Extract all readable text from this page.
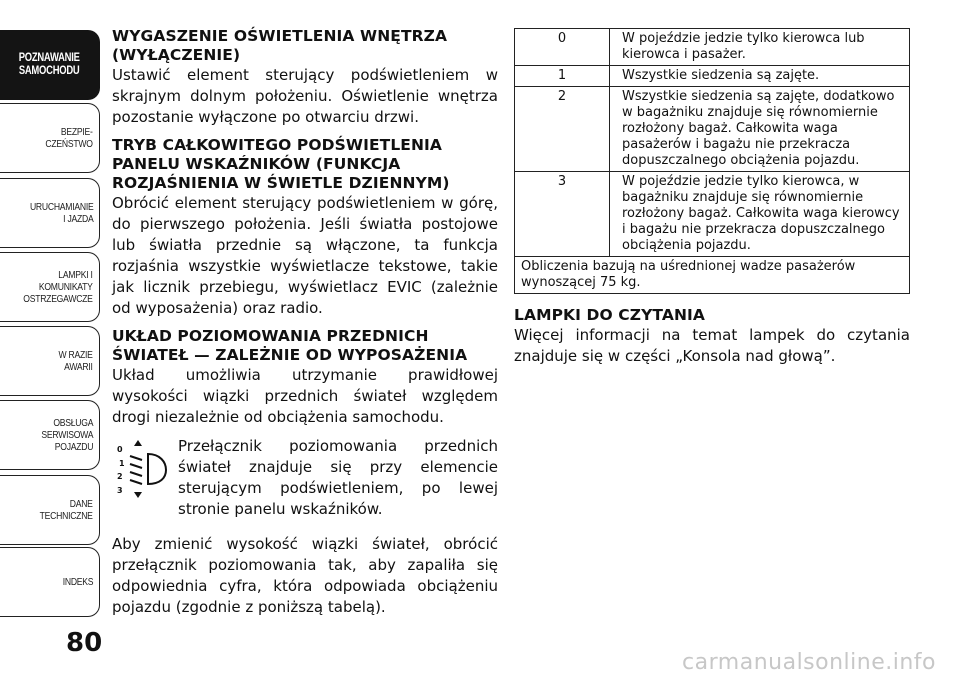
POZNAWANIE
SAMOCHODU
BEZPIE-
CZEŃSTWO
URUCHAMIANIE
I JAZDA
LAMPKI I
KOMUNIKATY
OSTRZEGAWCZE
W RAZIE
AWARII
OBSŁUGA
SERWISOWA
POJAZDU
DANE
TECHNICZNE
INDEKS
80

WYGASZENIE OŚWIETLENIA WNĘTRZA (WYŁĄCZENIE)

Ustawić element sterujący podświetleniem w skrajnym dolnym położeniu. Oświetlenie wnętrza pozostanie wyłączone po otwarciu drzwi.

TRYB CAŁKOWITEGO PODŚWIETLENIA PANELU WSKAŹNIKÓW (FUNKCJA ROZJAŚNIENIA W ŚWIETLE DZIENNYM)

Obrócić element sterujący podświetleniem w górę, do pierwszego położenia. Jeśli światła postojowe lub światła przednie są włączone, ta funkcja rozjaśnia wszystkie wyświetlacze tekstowe, takie jak licznik przebiegu, wyświetlacz EVIC (zależnie od wyposażenia) oraz radio.

UKŁAD POZIOMOWANIA PRZEDNICH ŚWIATEŁ — ZALEŻNIE OD WYPOSAŻENIA

Układ umożliwia utrzymanie prawidłowej wysokości wiązki przednich świateł względem drogi niezależnie od obciążenia samochodu.

0
1
2
3

Przełącznik poziomowania przednich świateł znajduje się przy elemencie sterującym podświetleniem, po lewej stronie panelu wskaźników.

Aby zmienić wysokość wiązki świateł, obrócić przełącznik poziomowania tak, aby zapaliła się odpowiednia cyfra, która odpowiada obciążeniu pojazdu (zgodnie z poniższą tabelą).

0	W pojeździe jedzie tylko kierowca lub kierowca i pasażer.
1	Wszystkie siedzenia są zajęte.
2	Wszystkie siedzenia są zajęte, dodatkowo w bagażniku znajduje się równomiernie rozłożony bagaż. Całkowita waga pasażerów i bagażu nie przekracza dopuszczalnego obciążenia pojazdu.
3	W pojeździe jedzie tylko kierowca, w bagażniku znajduje się równomiernie rozłożony bagaż. Całkowita waga kierowcy i bagażu nie przekracza dopuszczalnego obciążenia pojazdu.
Obliczenia bazują na uśrednionej wadze pasażerów wynoszącej 75 kg.	

LAMPKI DO CZYTANIA

Więcej informacji na temat lampek do czytania znajduje się w części „Konsola nad głową”.

carmanualsonline.info
